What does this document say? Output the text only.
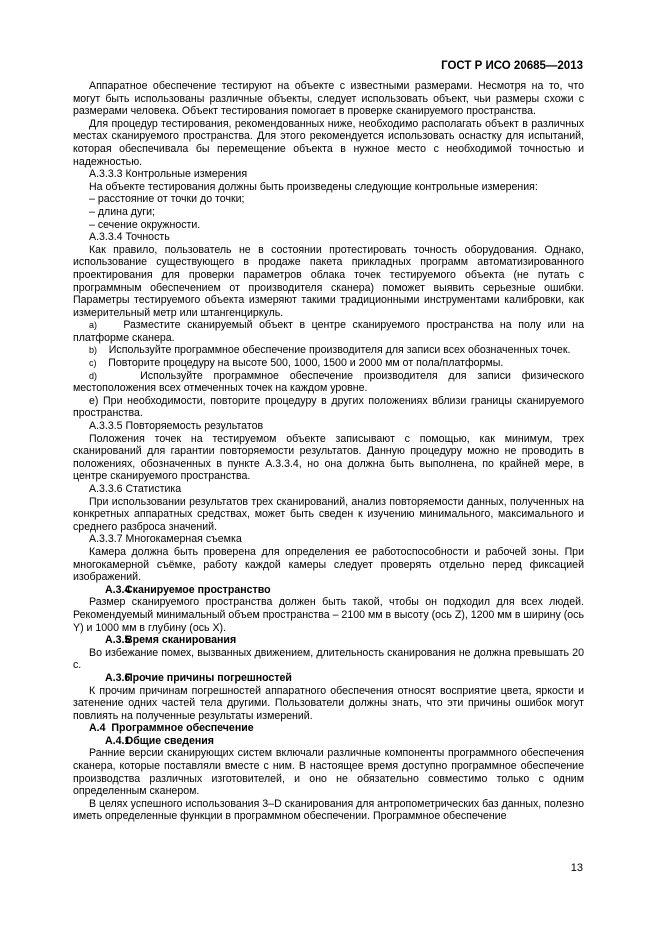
ГОСТ Р ИСО 20685—2013

Аппаратное обеспечение тестируют на объекте с известными размерами. Несмотря на то, что могут быть использованы различные объекты, следует использовать объект, чьи размеры схожи с размерами человека. Объект тестирования помогает в проверке сканируемого пространства.

Для процедур тестирования, рекомендованных ниже, необходимо располагать объект в различных местах сканируемого пространства. Для этого рекомендуется использовать оснастку для испытаний, которая обеспечивала бы перемещение объекта в нужное место с необходимой точностью и надежностью.

А.3.3.3 Контрольные измерения

На объекте тестирования должны быть произведены следующие контрольные измерения:

– расстояние от точки до точки;

– длина дуги;

– сечение окружности.

А.3.3.4 Точность

Как правило, пользователь не в состоянии протестировать точность оборудования. Однако, использование существующего в продаже пакета прикладных программ автоматизированного проектирования для проверки параметров облака точек тестируемого объекта (не путать с программным обеспечением от производителя сканера) поможет выявить серьезные ошибки. Параметры тестируемого объекта измеряют такими традиционными инструментами калибровки, как измерительный метр или штангенциркуль.

а) Разместите сканируемый объект в центре сканируемого пространства на полу или на платформе сканера.

b) Используйте программное обеспечение производителя для записи всех обозначенных точек.

c) Повторите процедуру на высоте 500, 1000, 1500 и 2000 мм от пола/платформы.

d)	Используйте программное обеспечение производителя для записи физического местоположения всех отмеченных точек на каждом уровне.

е) При необходимости, повторите процедуру в других положениях вблизи границы сканируемого пространства.

А.3.3.5 Повторяемость результатов

Положения точек на тестируемом объекте записывают с помощью, как минимум, трех сканирований для гарантии повторяемости результатов. Данную процедуру можно не проводить в положениях, обозначенных в пункте А.3.3.4, но она должна быть выполнена, по крайней мере, в центре сканируемого пространства.

А.3.3.6 Статистика

При использовании результатов трех сканирований, анализ повторяемости данных, полученных на конкретных аппаратных средствах, может быть сведен к изучению минимального, максимального и среднего разброса значений.

А.3.3.7 Многокамерная съемка

Камера должна быть проверена для определения ее работоспособности и рабочей зоны. При многокамерной съёмке, работу каждой камеры следует проверять отдельно перед фиксацией изображений.

А.3.4Сканируемое пространство

Размер сканируемого пространства должен быть такой, чтобы он подходил для всех людей. Рекомендуемый минимальный объем пространства – 2100 мм в высоту (ось Z), 1200 мм в ширину (ось Y) и 1000 мм в глубину (ось X).

А.3.5Время сканирования

Во избежание помех, вызванных движением, длительность сканирования не должна превышать 20 с.

А.3.6Прочие причины погрешностей

К прочим причинам погрешностей аппаратного обеспечения относят восприятие цвета, яркости и затенение одних частей тела другими. Пользователи должны знать, что эти причины ошибок могут повлиять на полученные результаты измерений.

А.4 Программное обеспечение

А.4.1Общие сведения

Ранние версии сканирующих систем включали различные компоненты программного обеспечения сканера, которые поставляли вместе с ним. В настоящее время доступно программное обеспечение производства различных изготовителей, и оно не обязательно совместимо только с одним определенным сканером.

В целях успешного использования 3–D сканирования для антропометрических баз данных, полезно иметь определенные функции в программном обеспечении. Программное обеспечение

13
